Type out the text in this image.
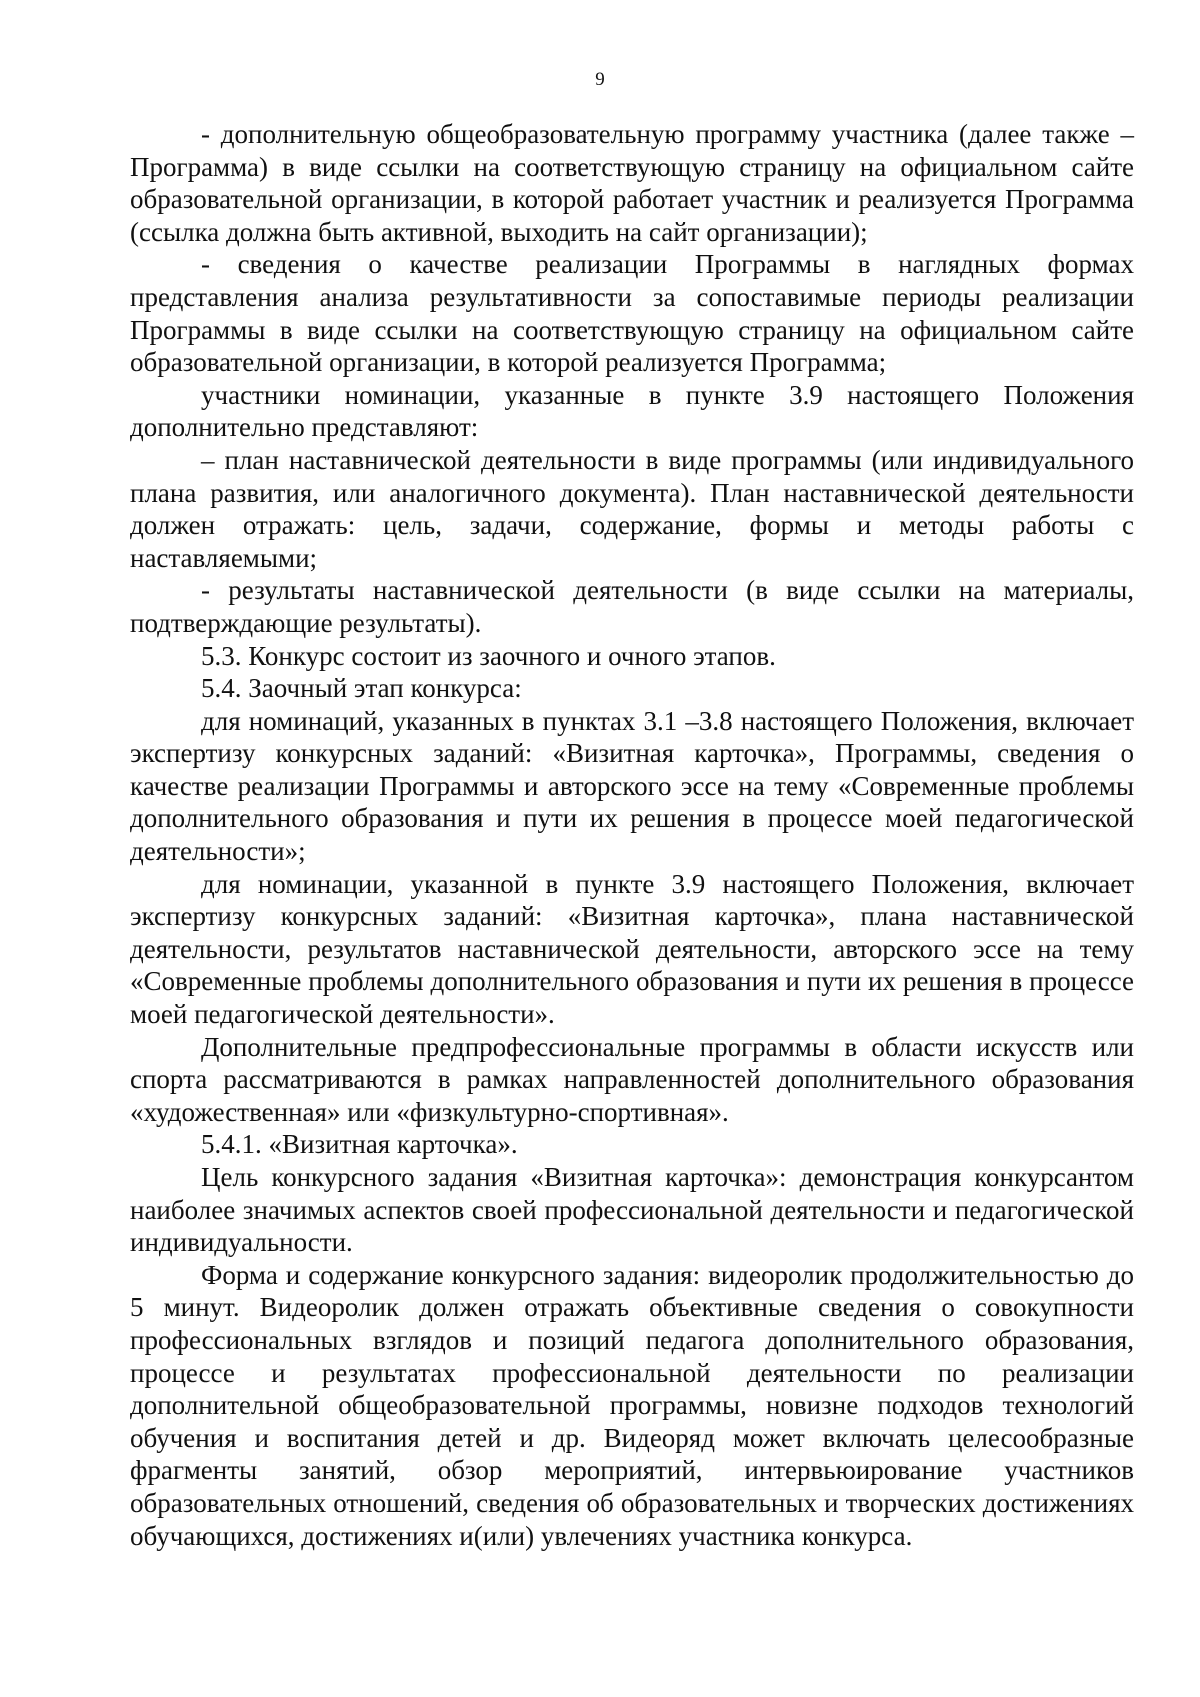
9

- дополнительную общеобразовательную программу участника (далее также – Программа) в виде ссылки на соответствующую страницу на официальном сайте образовательной организации, в которой работает участник и реализуется Программа (ссылка должна быть активной, выходить на сайт организации);

- сведения о качестве реализации Программы в наглядных формах представления анализа результативности за сопоставимые периоды реализации Программы в виде ссылки на соответствующую страницу на официальном сайте образовательной организации, в которой реализуется Программа;

участники номинации, указанные в пункте 3.9 настоящего Положения дополнительно представляют:

– план наставнической деятельности в виде программы (или индивидуального плана развития, или аналогичного документа). План наставнической деятельности должен отражать: цель, задачи, содержание, формы и методы работы с наставляемыми;

- результаты наставнической деятельности (в виде ссылки на материалы, подтверждающие результаты).

5.3. Конкурс состоит из заочного и очного этапов.

5.4. Заочный этап конкурса:

для номинаций, указанных в пунктах 3.1 –3.8 настоящего Положения, включает экспертизу конкурсных заданий: «Визитная карточка», Программы, сведения о качестве реализации Программы и авторского эссе на тему «Современные проблемы дополнительного образования и пути их решения в процессе моей педагогической деятельности»;

для номинации, указанной в пункте 3.9 настоящего Положения, включает экспертизу конкурсных заданий: «Визитная карточка», плана наставнической деятельности, результатов наставнической деятельности, авторского эссе на тему «Современные проблемы дополнительного образования и пути их решения в процессе моей педагогической деятельности».

Дополнительные предпрофессиональные программы в области искусств или спорта рассматриваются в рамках направленностей дополнительного образования «художественная» или «физкультурно-спортивная».

5.4.1. «Визитная карточка».

Цель конкурсного задания «Визитная карточка»: демонстрация конкурсантом наиболее значимых аспектов своей профессиональной деятельности и педагогической индивидуальности.

Форма и содержание конкурсного задания: видеоролик продолжительностью до 5 минут. Видеоролик должен отражать объективные сведения о совокупности профессиональных взглядов и позиций педагога дополнительного образования, процессе и результатах профессиональной деятельности по реализации дополнительной общеобразовательной программы, новизне подходов технологий обучения и воспитания детей и др. Видеоряд может включать целесообразные фрагменты занятий, обзор мероприятий, интервьюирование участников образовательных отношений, сведения об образовательных и творческих достижениях обучающихся, достижениях и(или) увлечениях участника конкурса.
